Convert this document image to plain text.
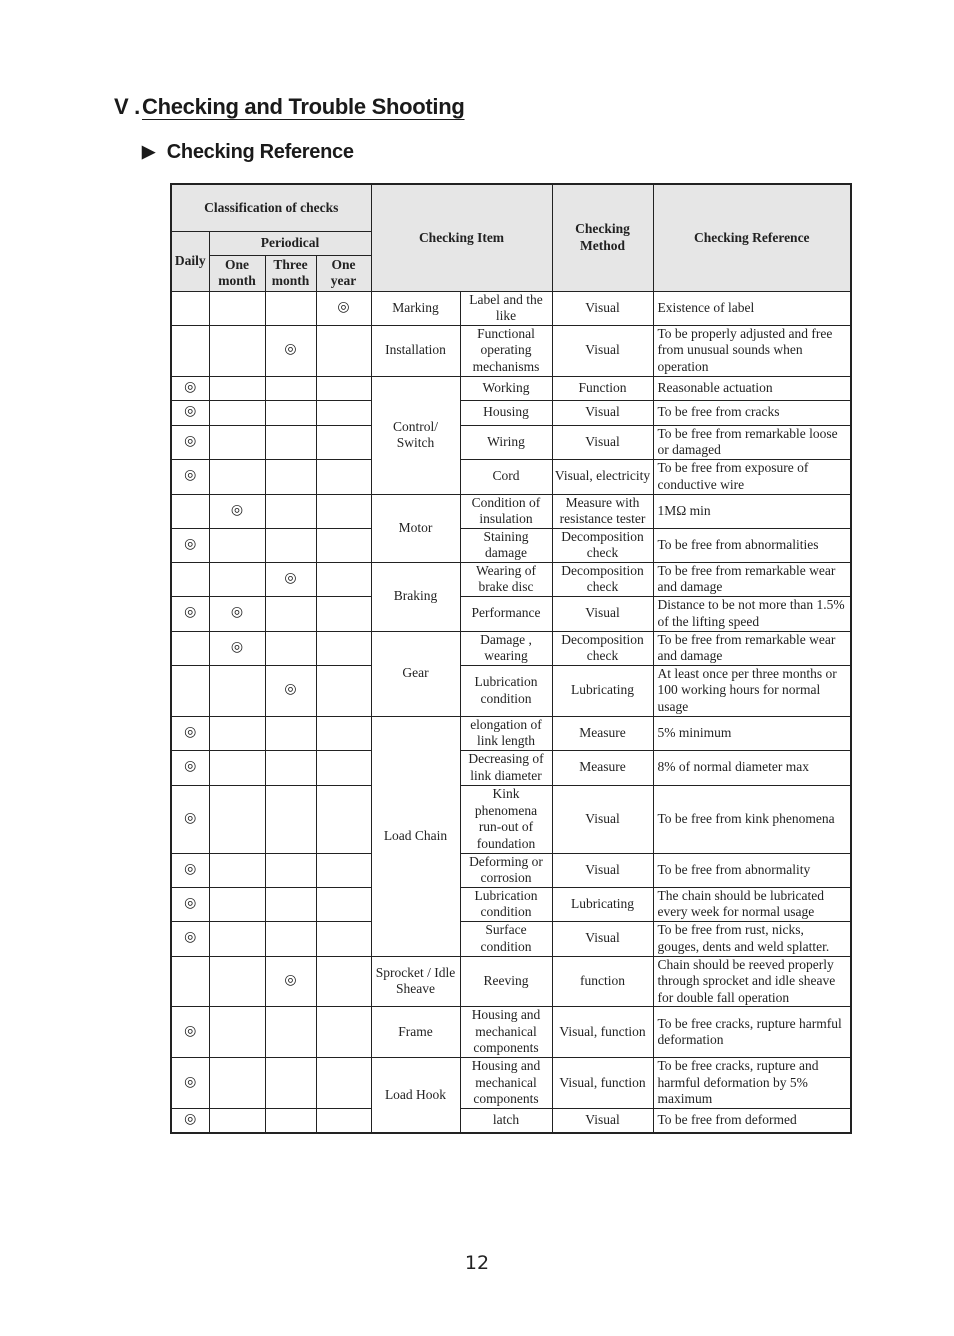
V .Checking and Trouble Shooting
▶ Checking Reference
Classification of checks				Checking Item		Checking Method	Checking Reference
Daily	Periodical						
	One month	Three month	One year				
			◎	Marking	Label and the like	Visual	Existence of label
		◎		Installation	Functional operating mechanisms	Visual	To be properly adjusted and free from unusual sounds when operation
◎				Control/ Switch	Working	Function	Reasonable actuation
◎					Housing	Visual	To be free from cracks
◎					Wiring	Visual	To be free from remarkable loose or damaged
◎					Cord	Visual, electricity	To be free from exposure of conductive wire
	◎			Motor	Condition of insulation	Measure with resistance tester	1MΩ min
◎					Staining damage	Decomposition check	To be free from abnormalities
		◎		Braking	Wearing of brake disc	Decomposition check	To be free from remarkable wear and damage
◎	◎				Performance	Visual	Distance to be not more than 1.5% of the lifting speed
	◎			Gear	Damage , wearing	Decomposition check	To be free from remarkable wear and damage
		◎			Lubrication condition	Lubricating	At least once per three months or 100 working hours for normal usage
◎				Load Chain	elongation of link length	Measure	5% minimum
◎					Decreasing of link diameter	Measure	8% of normal diameter max
◎					Kink phenomena run-out of foundation	Visual	To be free from kink phenomena
◎					Deforming or corrosion	Visual	To be free from abnormality
◎					Lubrication condition	Lubricating	The chain should be lubricated every week for normal usage
◎					Surface condition	Visual	To be free from rust, nicks, gouges, dents and weld splatter.
		◎		Sprocket / Idle Sheave	Reeving	function	Chain should be reeved properly through sprocket and idle sheave for double fall operation
◎				Frame	Housing and mechanical components	Visual, function	To be free cracks, rupture harmful deformation
◎				Load Hook	Housing and mechanical components	Visual, function	To be free cracks, rupture and harmful deformation by 5% maximum
◎					latch	Visual	To be free from deformed
12
